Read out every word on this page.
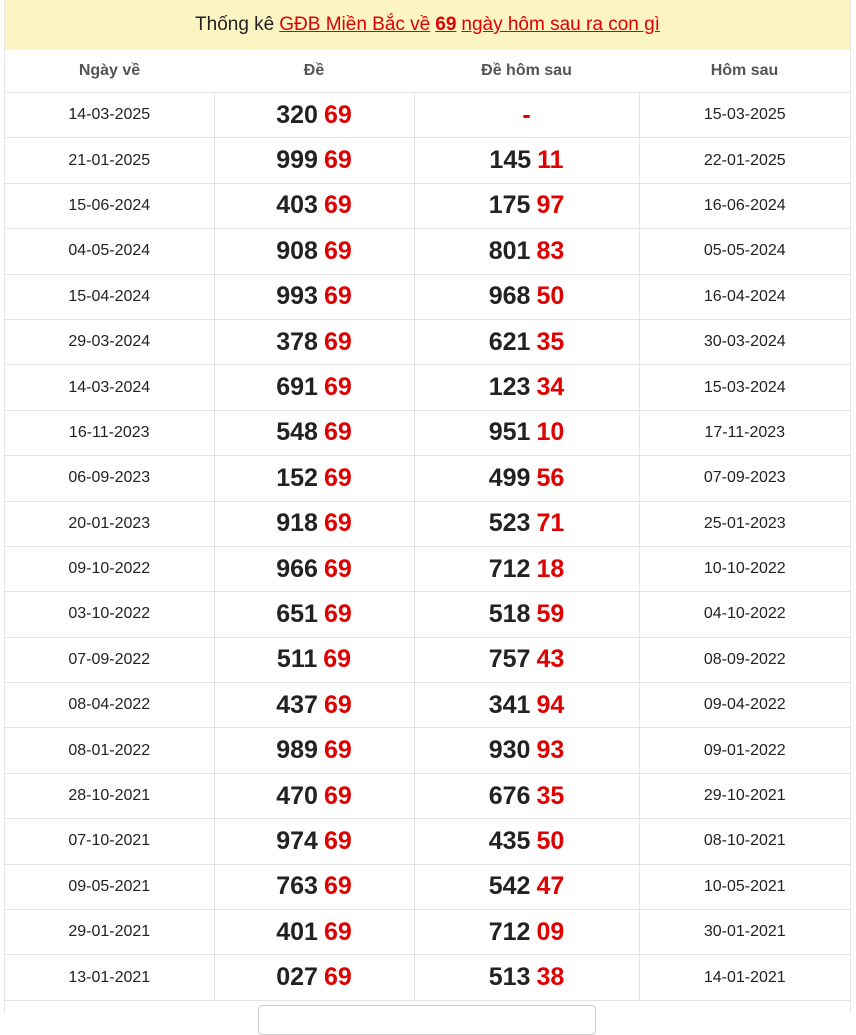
Thống kê GĐB Miền Bắc về 69 ngày hôm sau ra con gì
Ngày về	Đề	Đề hôm sau	Hôm sau
14-03-2025	320 69	-	15-03-2025
21-01-2025	999 69	145 11	22-01-2025
15-06-2024	403 69	175 97	16-06-2024
04-05-2024	908 69	801 83	05-05-2024
15-04-2024	993 69	968 50	16-04-2024
29-03-2024	378 69	621 35	30-03-2024
14-03-2024	691 69	123 34	15-03-2024
16-11-2023	548 69	951 10	17-11-2023
06-09-2023	152 69	499 56	07-09-2023
20-01-2023	918 69	523 71	25-01-2023
09-10-2022	966 69	712 18	10-10-2022
03-10-2022	651 69	518 59	04-10-2022
07-09-2022	511 69	757 43	08-09-2022
08-04-2022	437 69	341 94	09-04-2022
08-01-2022	989 69	930 93	09-01-2022
28-10-2021	470 69	676 35	29-10-2021
07-10-2021	974 69	435 50	08-10-2021
09-05-2021	763 69	542 47	10-05-2021
29-01-2021	401 69	712 09	30-01-2021
13-01-2021	027 69	513 38	14-01-2021
